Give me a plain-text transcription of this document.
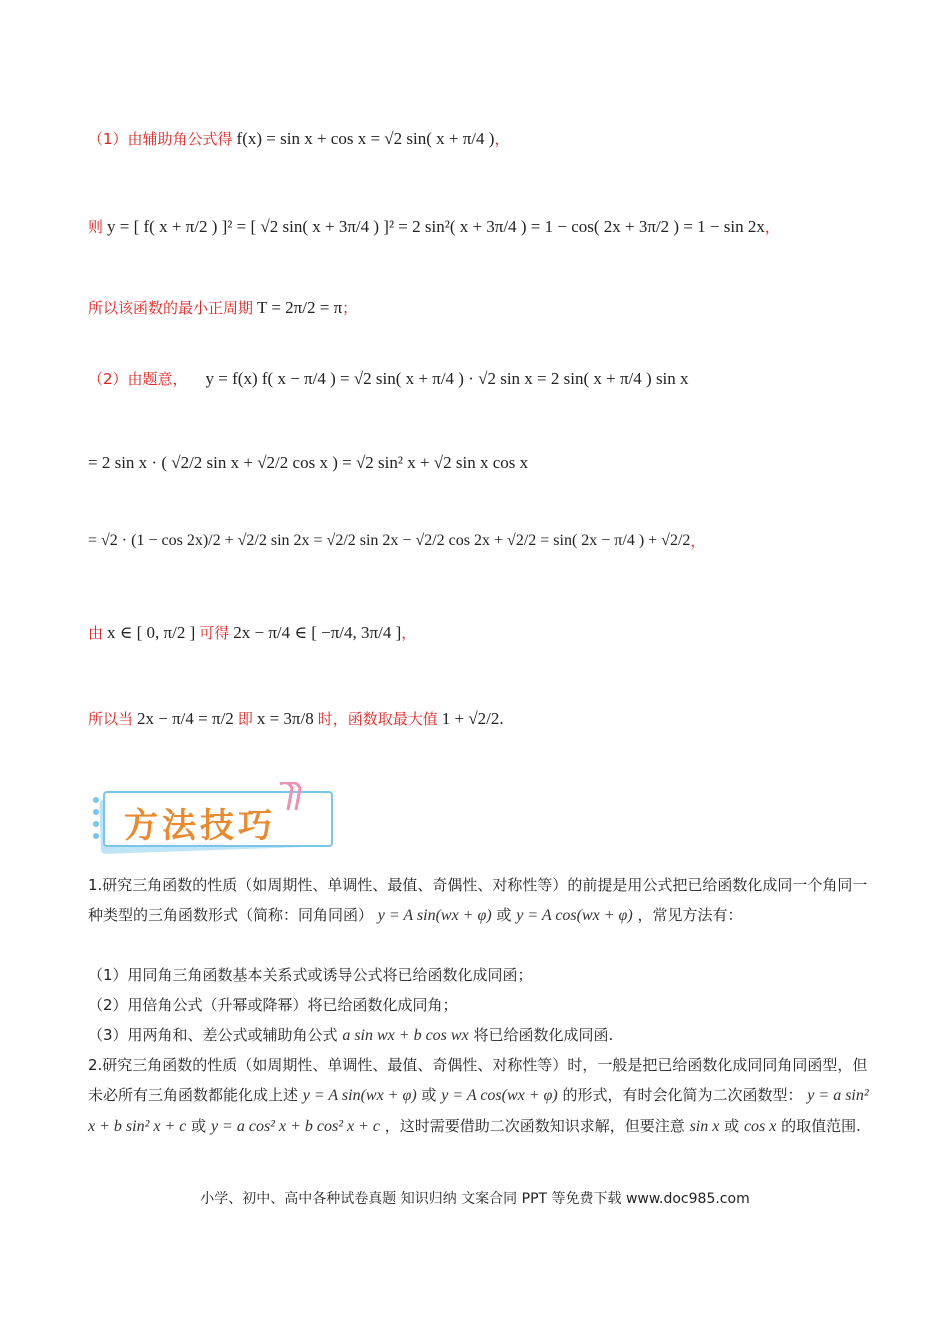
（1）由辅助角公式得 f(x) = sin x + cos x = √2 sin( x + π/4 ) ，
则 y = [ f( x + π/2 ) ]² = [ √2 sin( x + 3π/4 ) ]² = 2 sin²( x + 3π/4 ) = 1 − cos( 2x + 3π/2 ) = 1 − sin 2x ，
所以该函数的最小正周期 T = 2π/2 = π ；
（2）由题意， y = f(x) f( x − π/4 ) = √2 sin( x + π/4 ) · √2 sin x = 2 sin( x + π/4 ) sin x
= 2 sin x · ( √2/2 sin x + √2/2 cos x ) = √2 sin² x + √2 sin x cos x
= √2 · (1 − cos 2x)/2 + √2/2 sin 2x = √2/2 sin 2x − √2/2 cos 2x + √2/2 = sin( 2x − π/4 ) + √2/2 ，
由 x ∈ [ 0, π/2 ] 可得 2x − π/4 ∈ [ −π/4, 3π/4 ] ，
所以当 2x − π/4 = π/2 即 x = 3π/8 时，函数取最大值 1 + √2/2 .
方法技巧
1.研究三角函数的性质（如周期性、单调性、最值、奇偶性、对称性等）的前提是用公式把已给函数化成同一个角同一种类型的三角函数形式（简称：同角同函） y = A sin(wx + φ) 或 y = A cos(wx + φ) ，常见方法有：
（1）用同角三角函数基本关系式或诱导公式将已给函数化成同函；
（2）用倍角公式（升幂或降幂）将已给函数化成同角；
（3）用两角和、差公式或辅助角公式 a sin wx + b cos wx 将已给函数化成同函.
2.研究三角函数的性质（如周期性、单调性、最值、奇偶性、对称性等）时，一般是把已给函数化成同同角同函型，但未必所有三角函数都能化成上述 y = A sin(wx + φ) 或 y = A cos(wx + φ) 的形式，有时会化简为二次函数型： y = a sin² x + b sin² x + c 或 y = a cos² x + b cos² x + c ，这时需要借助二次函数知识求解，但要注意 sin x 或 cos x 的取值范围.
小学、初中、高中各种试卷真题 知识归纳 文案合同 PPT 等免费下载 www.doc985.com
